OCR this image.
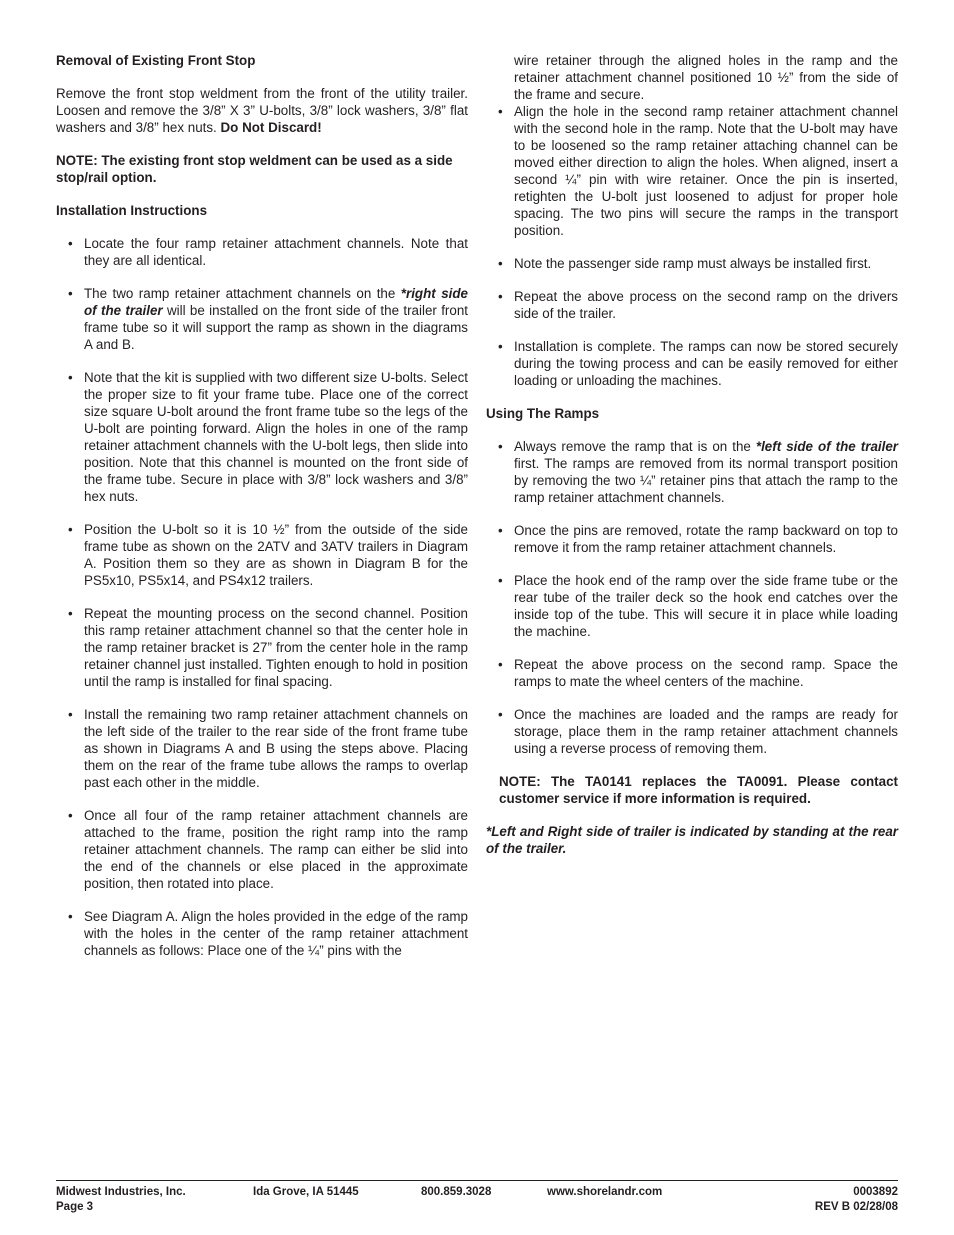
Removal of Existing Front Stop

Remove the front stop weldment from the front of the utility trailer. Loosen and remove the 3/8” X 3” U-bolts, 3/8” lock washers, 3/8” flat washers and 3/8” hex nuts. Do Not Discard!

NOTE: The existing front stop weldment can be used as a side stop/rail option.

Installation Instructions

• Locate the four ramp retainer attachment channels. Note that they are all identical.
• The two ramp retainer attachment channels on the *right side of the trailer will be installed on the front side of the trailer front frame tube so it will support the ramp as shown in the diagrams A and B.
• Note that the kit is supplied with two different size U-bolts. Select the proper size to fit your frame tube. Place one of the correct size square U-bolt around the front frame tube so the legs of the U-bolt are pointing forward. Align the holes in one of the ramp retainer attachment channels with the U-bolt legs, then slide into position. Note that this channel is mounted on the front side of the frame tube. Secure in place with 3/8” lock washers and 3/8” hex nuts.
• Position the U-bolt so it is 10 ½” from the outside of the side frame tube as shown on the 2ATV and 3ATV trailers in Diagram A. Position them so they are as shown in Diagram B for the PS5x10, PS5x14, and PS4x12 trailers.
• Repeat the mounting process on the second channel. Position this ramp retainer attachment channel so that the center hole in the ramp retainer bracket is 27” from the center hole in the ramp retainer channel just installed. Tighten enough to hold in position until the ramp is installed for final spacing.
• Install the remaining two ramp retainer attachment channels on the left side of the trailer to the rear side of the front frame tube as shown in Diagrams A and B using the steps above. Placing them on the rear of the frame tube allows the ramps to overlap past each other in the middle.
• Once all four of the ramp retainer attachment channels are attached to the frame, position the right ramp into the ramp retainer attachment channels. The ramp can either be slid into the end of the channels or else placed in the approximate position, then rotated into place.
• See Diagram A. Align the holes provided in the edge of the ramp with the holes in the center of the ramp retainer attachment channels as follows: Place one of the ¼” pins with the
wire retainer through the aligned holes in the ramp and the retainer attachment channel positioned 10 ½” from the side of the frame and secure.
• Align the hole in the second ramp retainer attachment channel with the second hole in the ramp. Note that the U-bolt may have to be loosened so the ramp retainer attaching channel can be moved either direction to align the holes. When aligned, insert a second ¼” pin with wire retainer. Once the pin is inserted, retighten the U-bolt just loosened to adjust for proper hole spacing. The two pins will secure the ramps in the transport position.
• Note the passenger side ramp must always be installed first.
• Repeat the above process on the second ramp on the drivers side of the trailer.
• Installation is complete. The ramps can now be stored securely during the towing process and can be easily removed for either loading or unloading the machines.

Using The Ramps

• Always remove the ramp that is on the *left side of the trailer first. The ramps are removed from its normal transport position by removing the two ¼” retainer pins that attach the ramp to the ramp retainer attachment channels.
• Once the pins are removed, rotate the ramp backward on top to remove it from the ramp retainer attachment channels.
• Place the hook end of the ramp over the side frame tube or the rear tube of the trailer deck so the hook end catches over the inside top of the tube. This will secure it in place while loading the machine.
• Repeat the above process on the second ramp. Space the ramps to mate the wheel centers of the machine.
• Once the machines are loaded and the ramps are ready for storage, place them in the ramp retainer attachment channels using a reverse process of removing them.

NOTE: The TA0141 replaces the TA0091. Please contact customer service if more information is required.

*Left and Right side of trailer is indicated by standing at the rear of the trailer.

Midwest Industries, Inc.
Page 3
Ida Grove, IA 51445	800.859.3028	www.shorelandr.com	0003892
REV B 02/28/08
